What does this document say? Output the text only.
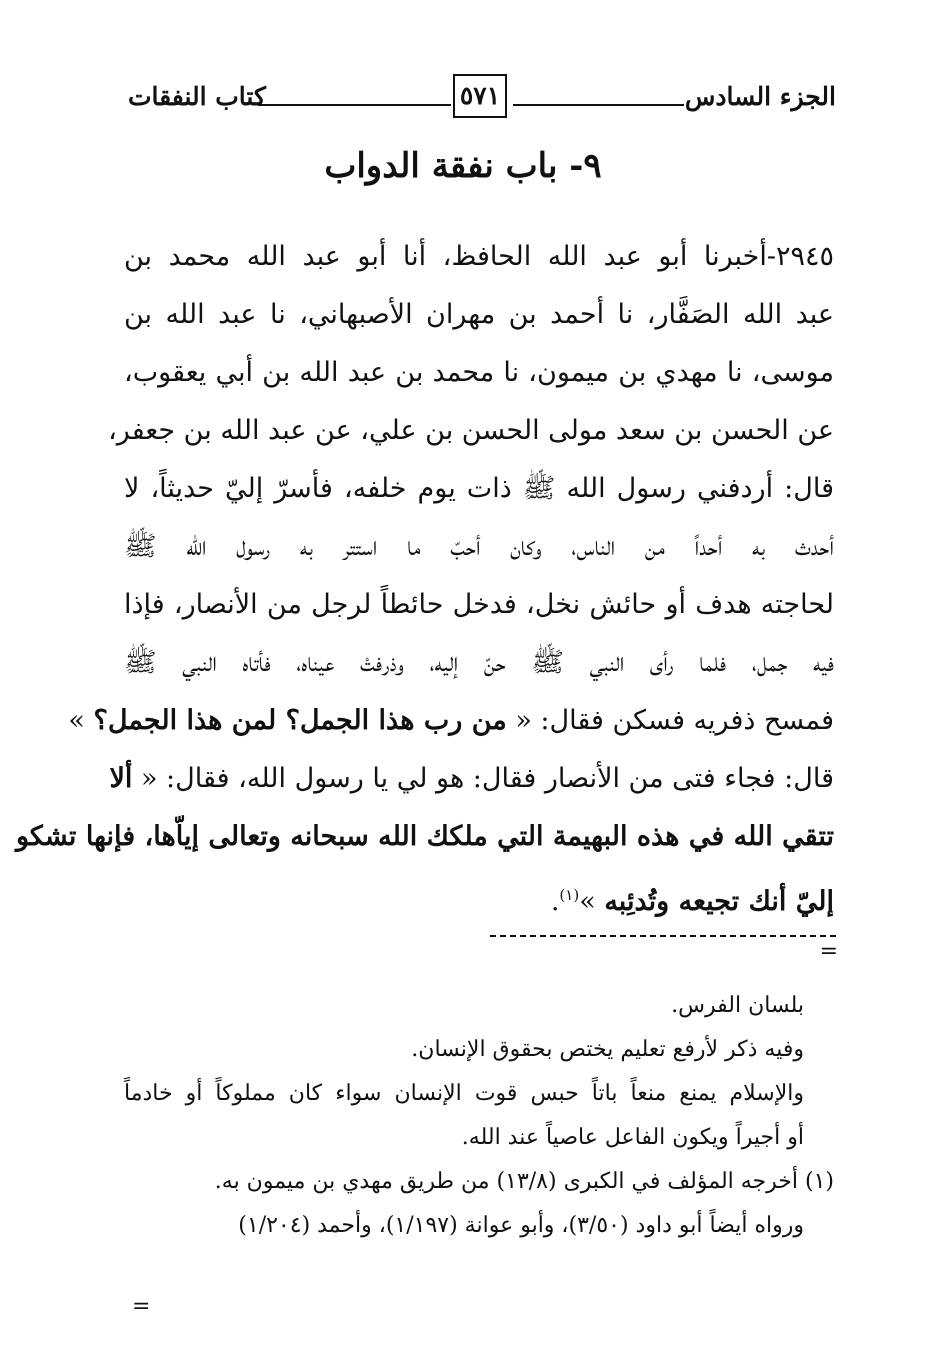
الجزء السادس
٥٧١
كتاب النفقات
٩- باب نفقة الدواب
٢٩٤٥-أخبرنا أبو عبد الله الحافظ، أنا أبو عبد الله محمد بن
عبد الله الصَفَّار، نا أحمد بن مهران الأصبهاني، نا عبد الله بن
موسى، نا مهدي بن ميمون، نا محمد بن عبد الله بن أبي يعقوب،
عن الحسن بن سعد مولى الحسن بن علي، عن عبد الله بن جعفر،
قال: أردفني رسول الله ﷺ ذات يوم خلفه، فأسرّ إليّ حديثاً، لا
أحدث به أحداً من الناس، وكان أحبّ ما استتر به رسول الله ﷺ
لحاجته هدف أو حائش نخل، فدخل حائطاً لرجل من الأنصار، فإذا
فيه جمل، فلما رأى النبي ﷺ حنّ إليه، وذرفتْ عيناه، فأتاه النبي ﷺ
فمسح ذفريه فسكن فقال: « من رب هذا الجمل؟ لمن هذا الجمل؟ »
قال: فجاء فتى من الأنصار فقال: هو لي يا رسول الله، فقال: « ألا
تتقي الله في هذه البهيمة التي ملكك الله سبحانه وتعالى إياّها، فإنها تشكو
إليّ أنك تجيعه وتُدئِبه »$^{(١)}$.
=
بلسان الفرس.
وفيه ذكر لأرفع تعليم يختص بحقوق الإنسان.
والإسلام يمنع منعاً باتاً حبس قوت الإنسان سواء كان مملوكاً أو خادماً
أو أجيراً ويكون الفاعل عاصياً عند الله.
(١) أخرجه المؤلف في الكبرى (١٣/٨) من طريق مهدي بن ميمون به.
ورواه أيضاً أبو داود (٣/٥٠)، وأبو عوانة (١/١٩٧)، وأحمد (١/٢٠٤)
=
